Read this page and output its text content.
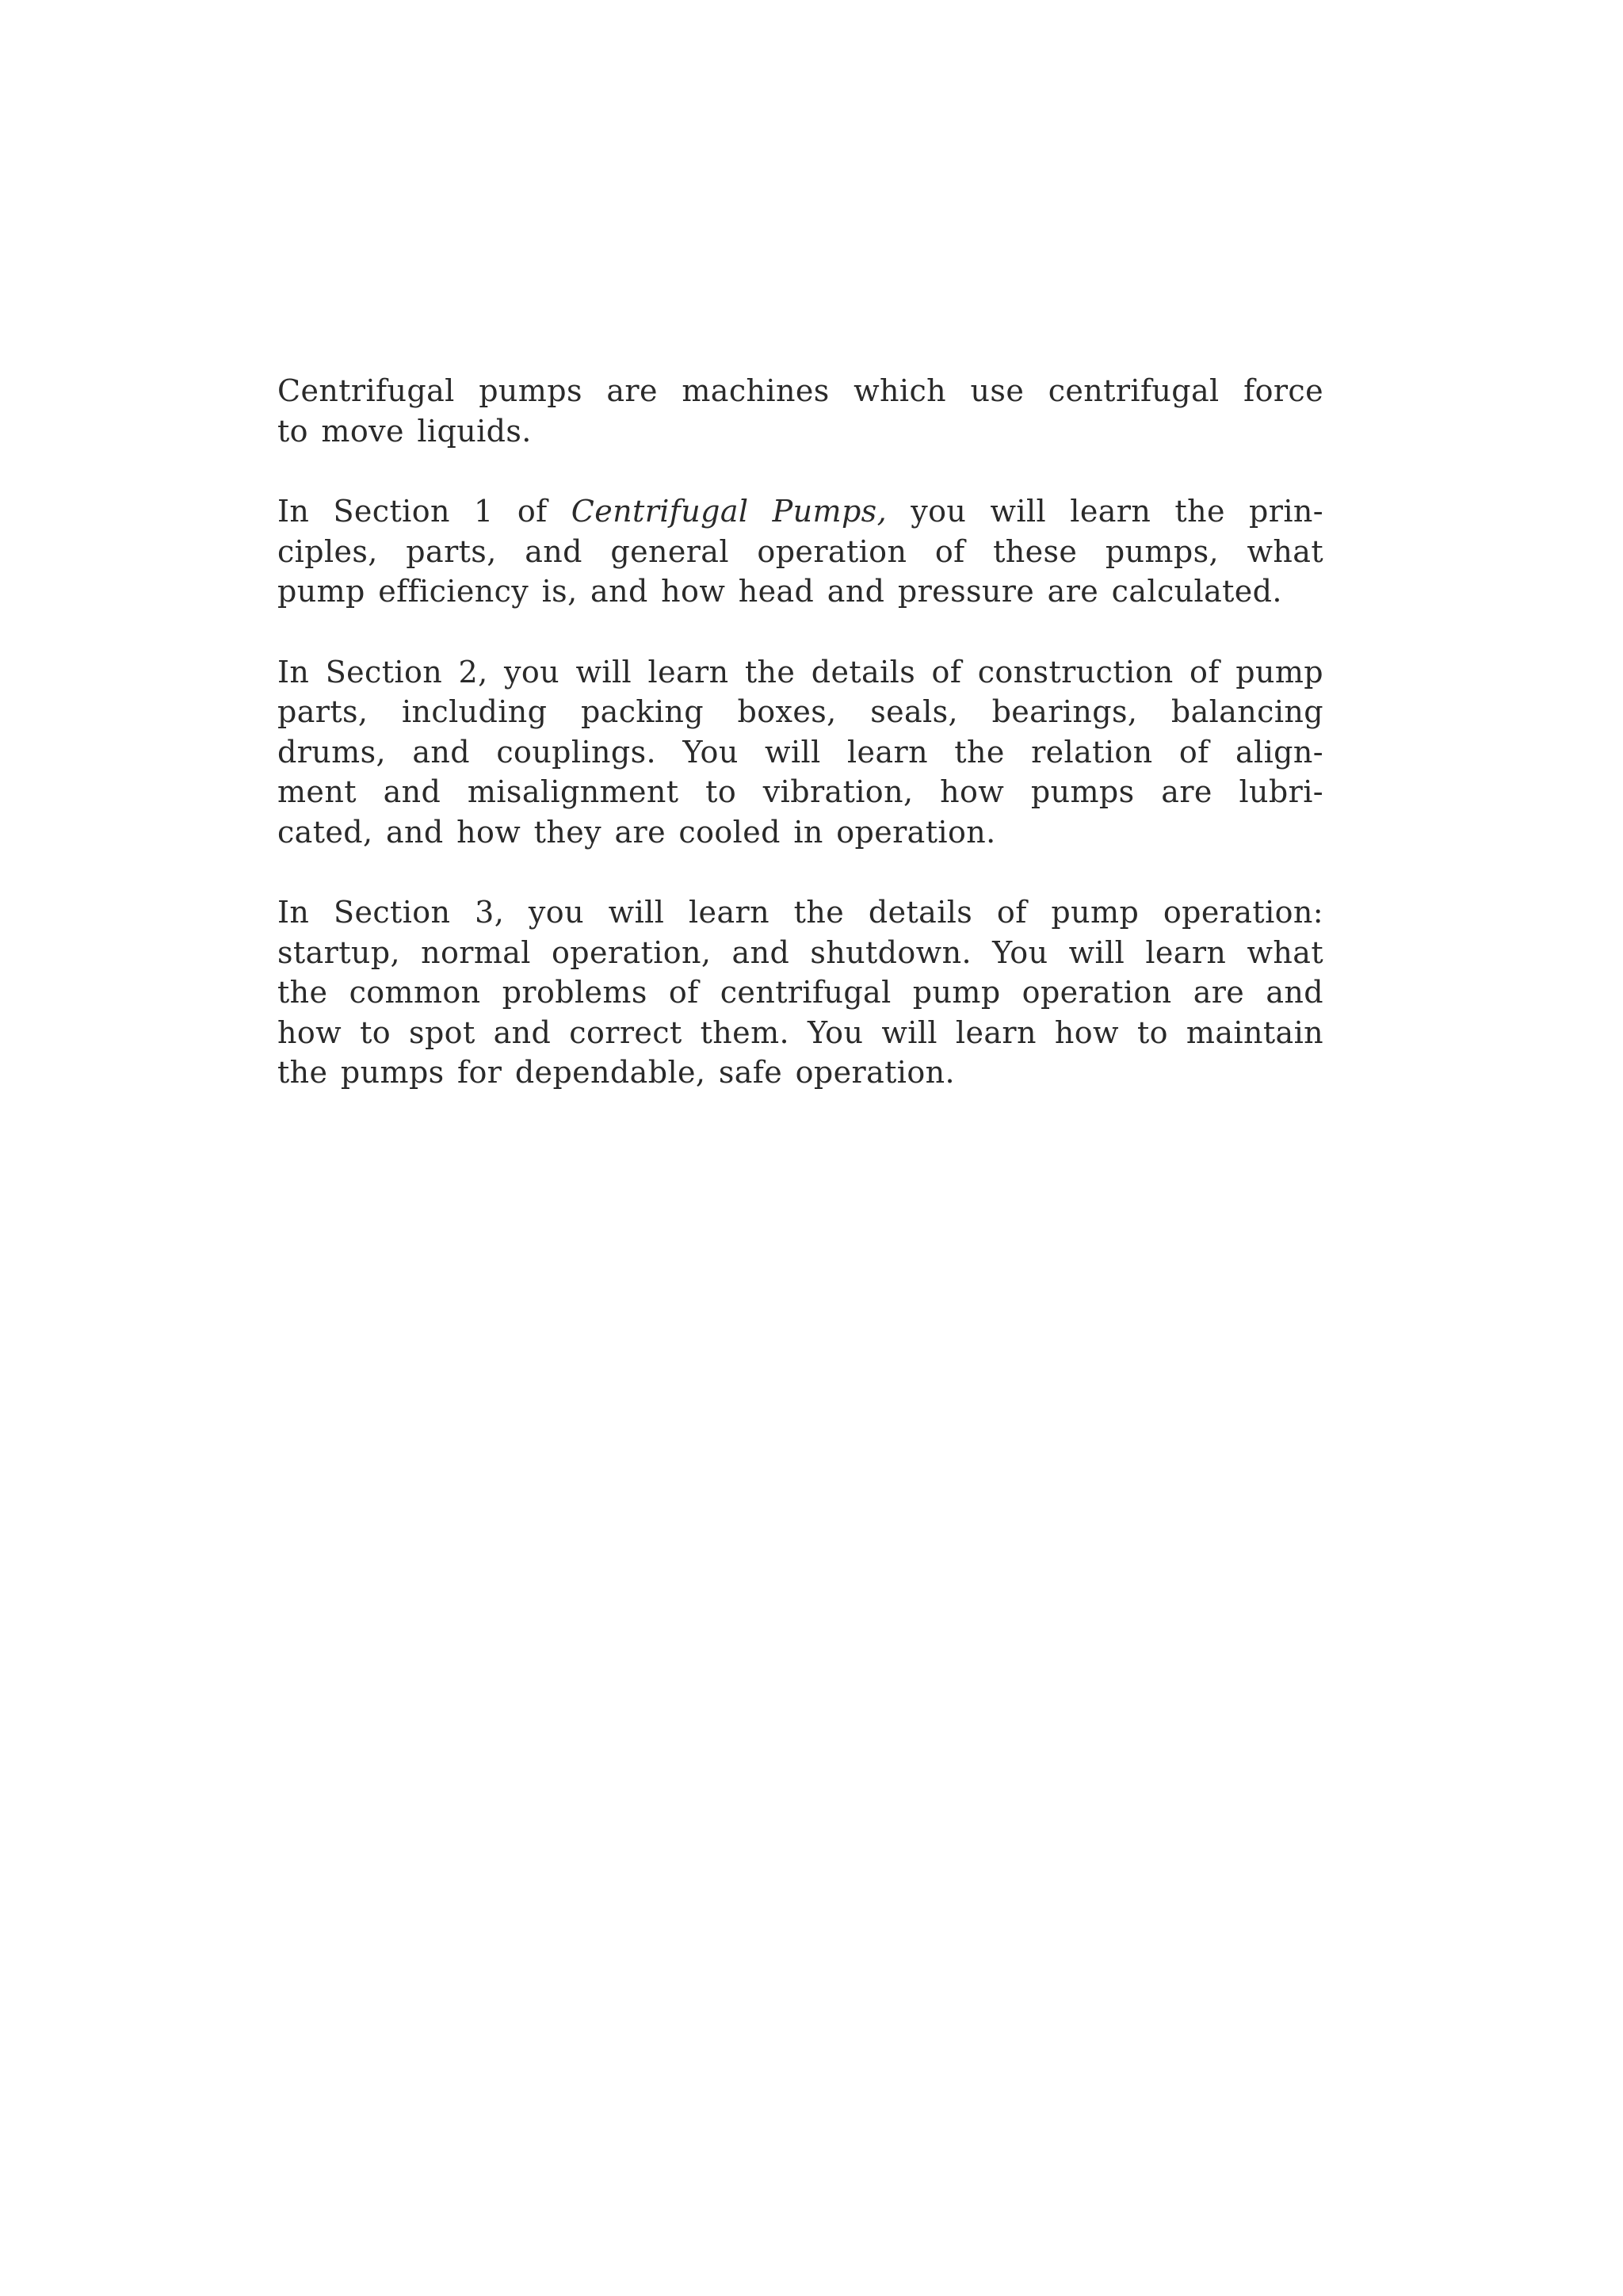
Centrifugal pumps are machines which use centrifugal force
to move liquids.

In Section 1 of Centrifugal Pumps, you will learn the prin-
ciples, parts, and general operation of these pumps, what
pump efficiency is, and how head and pressure are calculated.

In Section 2, you will learn the details of construction of pump
parts, including packing boxes, seals, bearings, balancing
drums, and couplings. You will learn the relation of align-
ment and misalignment to vibration, how pumps are lubri-
cated, and how they are cooled in operation.

In Section 3, you will learn the details of pump operation:
startup, normal operation, and shutdown. You will learn what
the common problems of centrifugal pump operation are and
how to spot and correct them. You will learn how to maintain
the pumps for dependable, safe operation.
